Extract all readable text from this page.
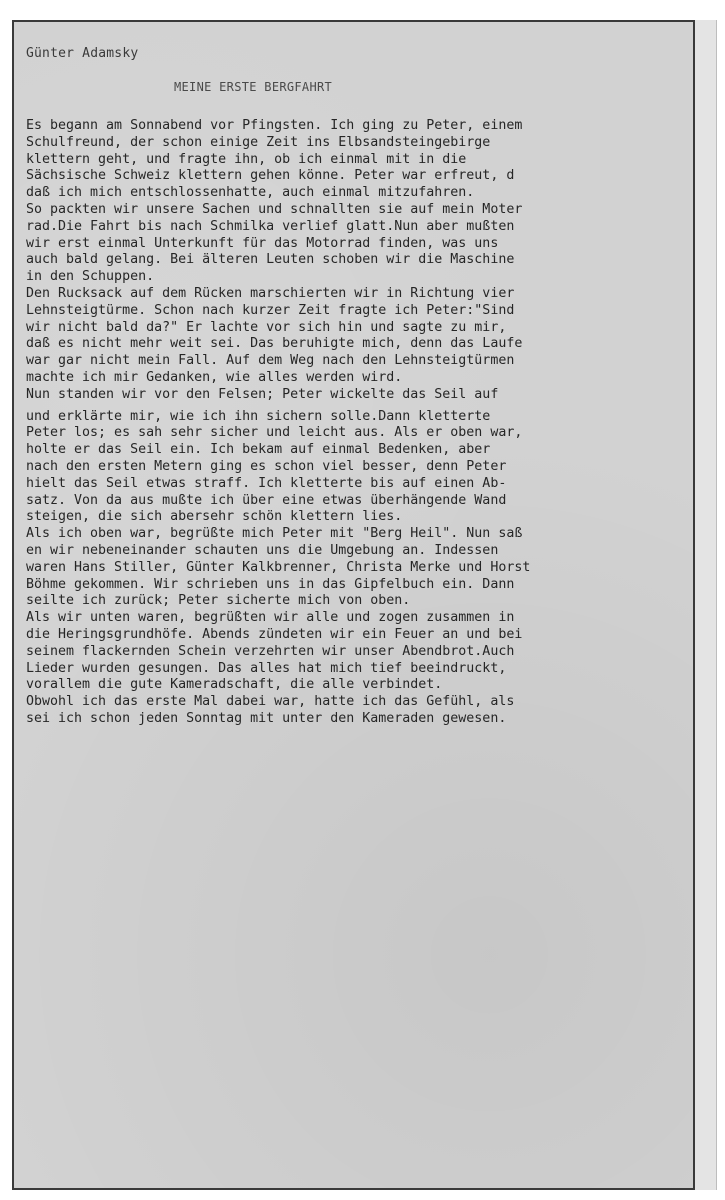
Günter Adamsky
MEINE ERSTE BERGFAHRT
Es begann am Sonnabend vor Pfingsten. Ich ging zu Peter, einem
Schulfreund, der schon einige Zeit ins Elbsandsteingebirge
klettern geht, und fragte ihn, ob ich einmal mit in die
Sächsische Schweiz klettern gehen könne. Peter war erfreut, d
daß ich mich entschlossenhatte, auch einmal mitzufahren.
So packten wir unsere Sachen und schnallten sie auf mein Moter
rad.Die Fahrt bis nach Schmilka verlief glatt.Nun aber mußten
wir erst einmal Unterkunft für das Motorrad finden, was uns
auch bald gelang. Bei älteren Leuten schoben wir die Maschine
in den Schuppen.
Den Rucksack auf dem Rücken marschierten wir in Richtung vier
Lehnsteigtürme. Schon nach kurzer Zeit fragte ich Peter:"Sind
wir nicht bald da?" Er lachte vor sich hin und sagte zu mir,
daß es nicht mehr weit sei. Das beruhigte mich, denn das Laufe
war gar nicht mein Fall. Auf dem Weg nach den Lehnsteigtürmen
machte ich mir Gedanken, wie alles werden wird.
Nun standen wir vor den Felsen; Peter wickelte das Seil auf
und erklärte mir, wie ich ihn sichern solle.Dann kletterte
Peter los; es sah sehr sicher und leicht aus. Als er oben war,
holte er das Seil ein. Ich bekam auf einmal Bedenken, aber
nach den ersten Metern ging es schon viel besser, denn Peter
hielt das Seil etwas straff. Ich kletterte bis auf einen Ab-
satz. Von da aus mußte ich über eine etwas überhängende Wand
steigen, die sich abersehr schön klettern lies.
Als ich oben war, begrüßte mich Peter mit "Berg Heil". Nun saß
en wir nebeneinander schauten uns die Umgebung an. Indessen
waren Hans Stiller, Günter Kalkbrenner, Christa Merke und Horst
Böhme gekommen. Wir schrieben uns in das Gipfelbuch ein. Dann
seilte ich zurück; Peter sicherte mich von oben.
Als wir unten waren, begrüßten wir alle und zogen zusammen in
die Heringsgrundhöfe. Abends zündeten wir ein Feuer an und bei
seinem flackernden Schein verzehrten wir unser Abendbrot.Auch
Lieder wurden gesungen. Das alles hat mich tief beeindruckt,
vorallem die gute Kameradschaft, die alle verbindet.
Obwohl ich das erste Mal dabei war, hatte ich das Gefühl, als
sei ich schon jeden Sonntag mit unter den Kameraden gewesen.
